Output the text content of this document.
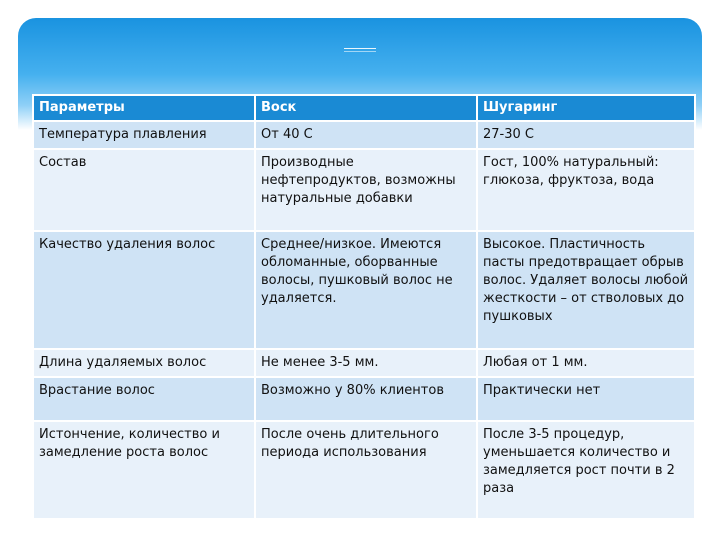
Параметры	Воск	Шугаринг
Температура плавления	От 40 С	27-30 С
Состав	Производные нефтепродуктов, возможны натуральные добавки	Гост, 100% натуральный: глюкоза, фруктоза, вода
Качество удаления волос	Среднее/низкое. Имеются обломанные, оборванные волосы, пушковый волос не удаляется.	Высокое. Пластичность пасты предотвращает обрыв волос. Удаляет волосы любой жесткости – от стволовых до пушковых
Длина удаляемых волос	Не менее 3-5 мм.	Любая от 1 мм.
Врастание волос	Возможно у 80% клиентов	Практически нет
Истончение, количество и замедление роста волос	После очень длительного периода использования	После 3-5 процедур, уменьшается количество и замедляется рост почти в 2 раза
